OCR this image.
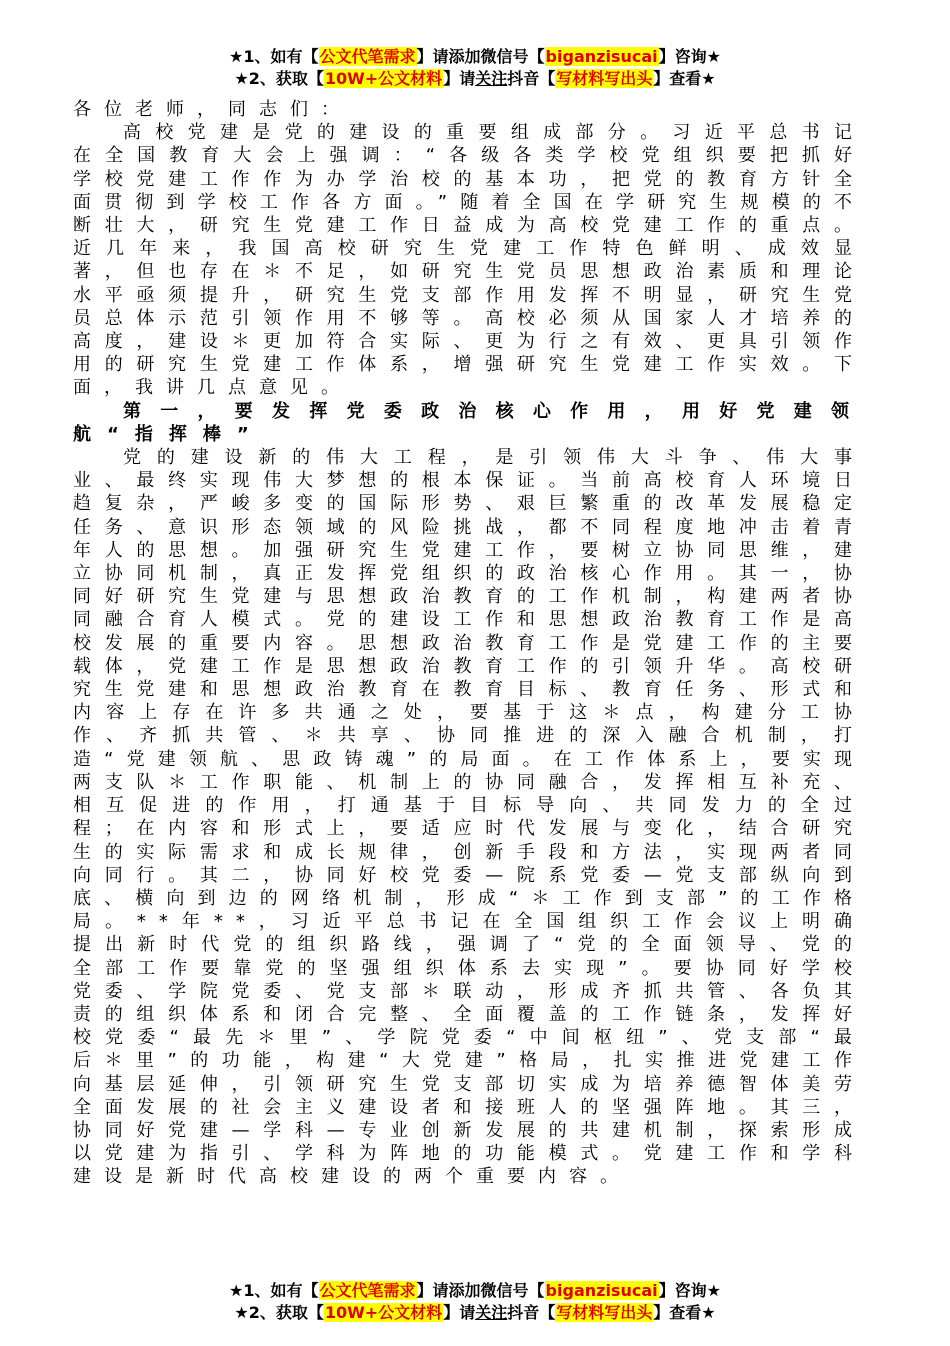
★1、如有【公文代笔需求】请添加微信号【biganzisucai】咨询★
★2、获取【10W+公文材料】请关注抖音【写材料写出头】查看★

各位老师，同志们：

高校党建是党的建设的重要组成部分。习近平总书记在全国教育大会上强调：“各级各类学校党组织要把抓好学校党建工作作为办学治校的基本功，把党的教育方针全面贯彻到学校工作各方面。”随着全国在学研究生规模的不断壮大，研究生党建工作日益成为高校党建工作的重点。近几年来，我国高校研究生党建工作特色鲜明、成效显著，但也存在＊不足，如研究生党员思想政治素质和理论水平亟须提升，研究生党支部作用发挥不明显，研究生党员总体示范引领作用不够等。高校必须从国家人才培养的高度，建设＊更加符合实际、更为行之有效、更具引领作用的研究生党建工作体系，增强研究生党建工作实效。下面，我讲几点意见。

第一，要发挥党委政治核心作用，用好党建领航“指挥棒”

党的建设新的伟大工程，是引领伟大斗争、伟大事业、最终实现伟大梦想的根本保证。当前高校育人环境日趋复杂，严峻多变的国际形势、艰巨繁重的改革发展稳定任务、意识形态领域的风险挑战，都不同程度地冲击着青年人的思想。加强研究生党建工作，要树立协同思维，建立协同机制，真正发挥党组织的政治核心作用。其一，协同好研究生党建与思想政治教育的工作机制，构建两者协同融合育人模式。党的建设工作和思想政治教育工作是高校发展的重要内容。思想政治教育工作是党建工作的主要载体，党建工作是思想政治教育工作的引领升华。高校研究生党建和思想政治教育在教育目标、教育任务、形式和内容上存在许多共通之处，要基于这＊点，构建分工协作、齐抓共管、＊共享、协同推进的深入融合机制，打造“党建领航、思政铸魂”的局面。在工作体系上，要实现两支队＊工作职能、机制上的协同融合，发挥相互补充、相互促进的作用，打通基于目标导向、共同发力的全过程；在内容和形式上，要适应时代发展与变化，结合研究生的实际需求和成长规律，创新手段和方法，实现两者同向同行。其二，协同好校党委—院系党委—党支部纵向到底、横向到边的网络机制，形成“＊工作到支部”的工作格局。**年**，习近平总书记在全国组织工作会议上明确提出新时代党的组织路线，强调了“党的全面领导、党的全部工作要靠党的坚强组织体系去实现”。要协同好学校党委、学院党委、党支部＊联动，形成齐抓共管、各负其责的组织体系和闭合完整、全面覆盖的工作链条，发挥好校党委“最先＊里”、学院党委“中间枢纽”、党支部“最后＊里”的功能，构建“大党建”格局，扎实推进党建工作向基层延伸，引领研究生党支部切实成为培养德智体美劳全面发展的社会主义建设者和接班人的坚强阵地。其三，协同好党建—学科—专业创新发展的共建机制，探索形成以党建为指引、学科为阵地的功能模式。党建工作和学科建设是新时代高校建设的两个重要内容。

★1、如有【公文代笔需求】请添加微信号【biganzisucai】咨询★
★2、获取【10W+公文材料】请关注抖音【写材料写出头】查看★
